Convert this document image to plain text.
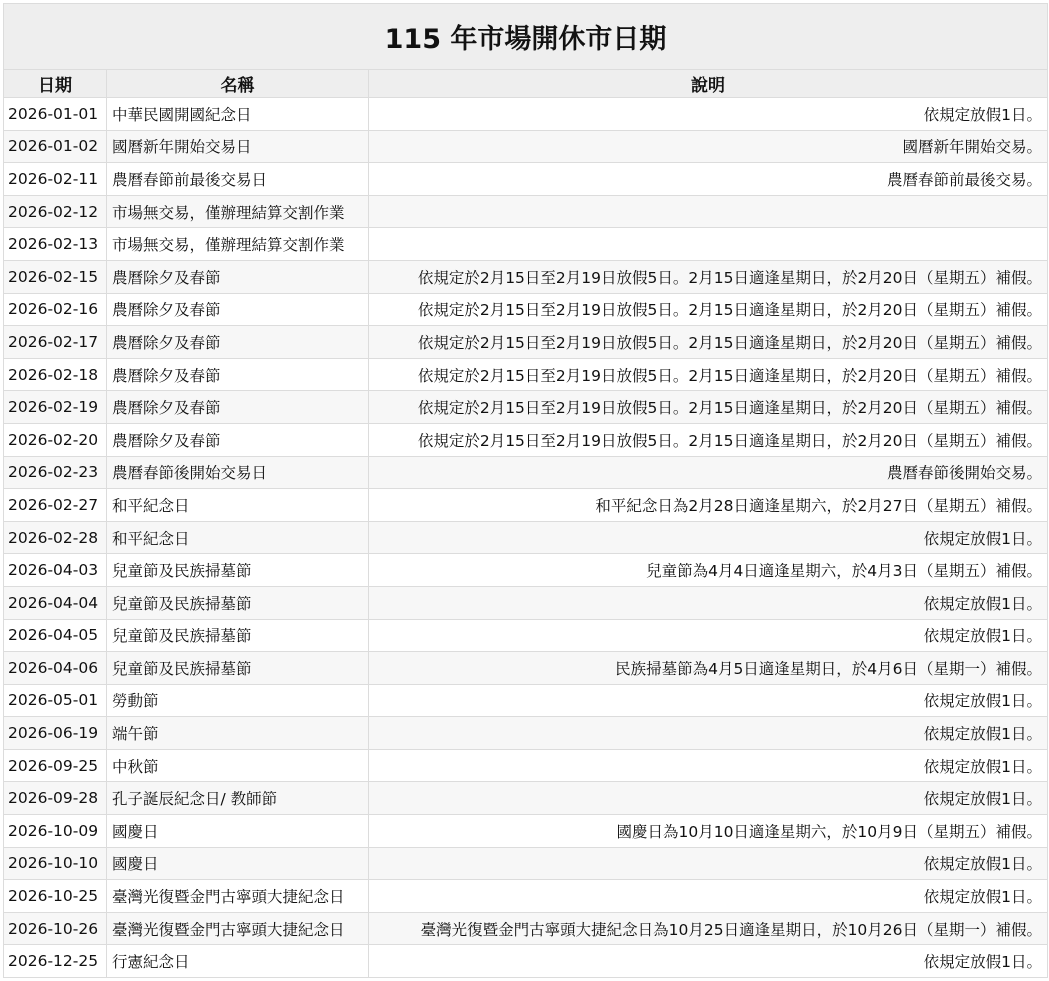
115 年市場開休市日期		
日期	名稱	說明
2026-01-01	中華民國開國紀念日	依規定放假1日。
2026-01-02	國曆新年開始交易日	國曆新年開始交易。
2026-02-11	農曆春節前最後交易日	農曆春節前最後交易。
2026-02-12	市場無交易，僅辦理結算交割作業	
2026-02-13	市場無交易，僅辦理結算交割作業	
2026-02-15	農曆除夕及春節	依規定於2月15日至2月19日放假5日。2月15日適逢星期日，於2月20日（星期五）補假。
2026-02-16	農曆除夕及春節	依規定於2月15日至2月19日放假5日。2月15日適逢星期日，於2月20日（星期五）補假。
2026-02-17	農曆除夕及春節	依規定於2月15日至2月19日放假5日。2月15日適逢星期日，於2月20日（星期五）補假。
2026-02-18	農曆除夕及春節	依規定於2月15日至2月19日放假5日。2月15日適逢星期日，於2月20日（星期五）補假。
2026-02-19	農曆除夕及春節	依規定於2月15日至2月19日放假5日。2月15日適逢星期日，於2月20日（星期五）補假。
2026-02-20	農曆除夕及春節	依規定於2月15日至2月19日放假5日。2月15日適逢星期日，於2月20日（星期五）補假。
2026-02-23	農曆春節後開始交易日	農曆春節後開始交易。
2026-02-27	和平紀念日	和平紀念日為2月28日適逢星期六，於2月27日（星期五）補假。
2026-02-28	和平紀念日	依規定放假1日。
2026-04-03	兒童節及民族掃墓節	兒童節為4月4日適逢星期六，於4月3日（星期五）補假。
2026-04-04	兒童節及民族掃墓節	依規定放假1日。
2026-04-05	兒童節及民族掃墓節	依規定放假1日。
2026-04-06	兒童節及民族掃墓節	民族掃墓節為4月5日適逢星期日，於4月6日（星期一）補假。
2026-05-01	勞動節	依規定放假1日。
2026-06-19	端午節	依規定放假1日。
2026-09-25	中秋節	依規定放假1日。
2026-09-28	孔子誕辰紀念日/ 教師節	依規定放假1日。
2026-10-09	國慶日	國慶日為10月10日適逢星期六，於10月9日（星期五）補假。
2026-10-10	國慶日	依規定放假1日。
2026-10-25	臺灣光復暨金門古寧頭大捷紀念日	依規定放假1日。
2026-10-26	臺灣光復暨金門古寧頭大捷紀念日	臺灣光復暨金門古寧頭大捷紀念日為10月25日適逢星期日，於10月26日（星期一）補假。
2026-12-25	行憲紀念日	依規定放假1日。
